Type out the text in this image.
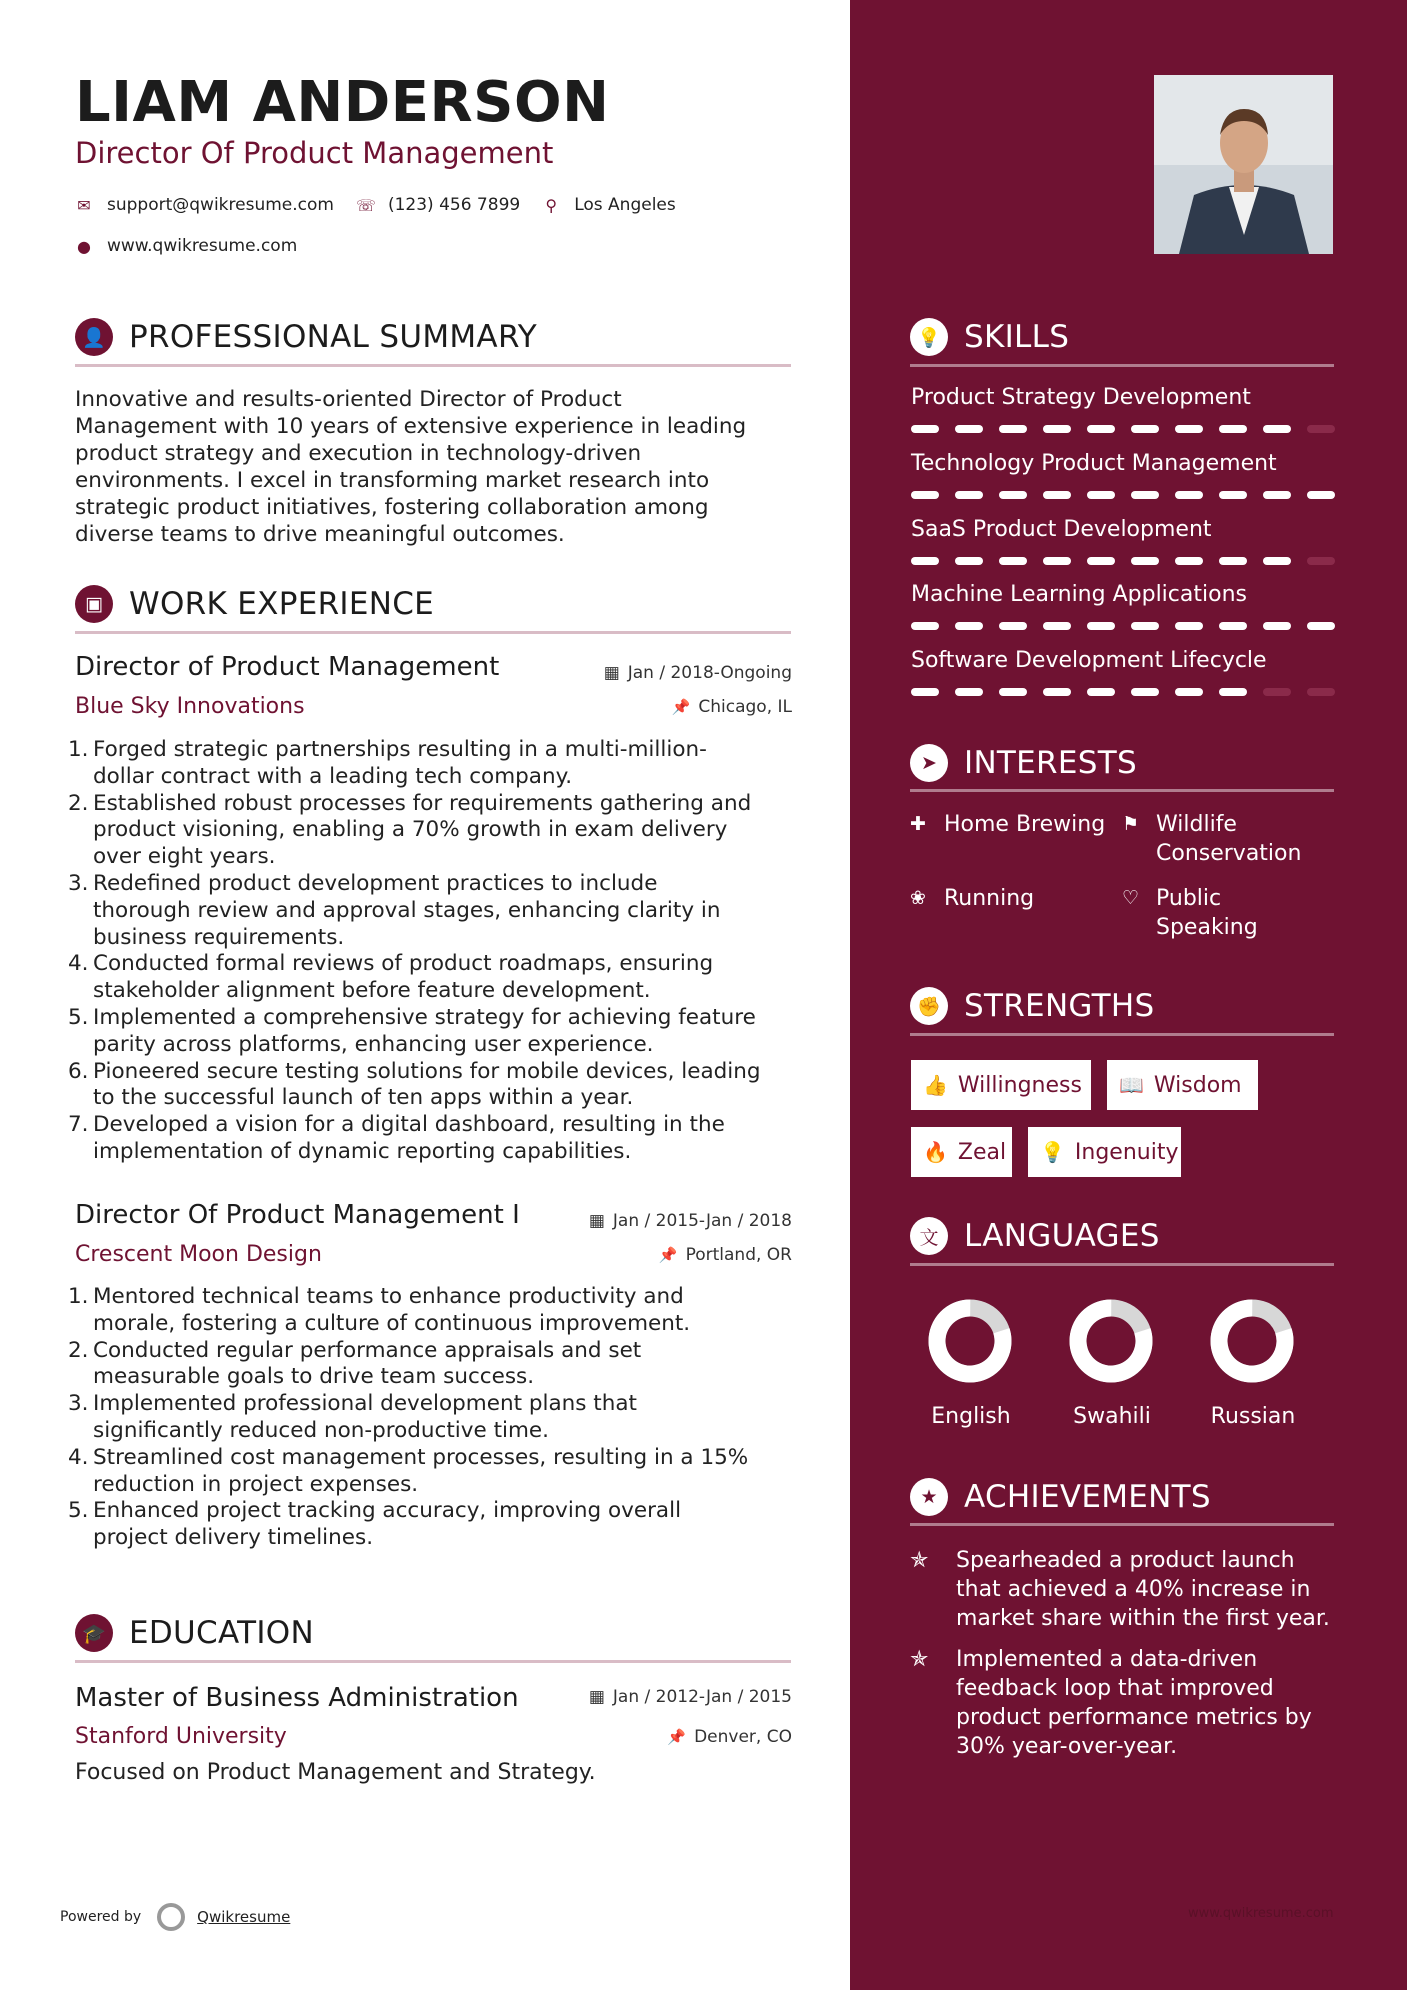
LIAM ANDERSON
Director Of Product Management
✉ support@qwikresume.com ☏ (123) 456 7899 ⚲ Los Angeles
● www.qwikresume.com
👤 PROFESSIONAL SUMMARY
Innovative and results-oriented Director of Product
Management with 10 years of extensive experience in leading
product strategy and execution in technology-driven
environments. I excel in transforming market research into
strategic product initiatives, fostering collaboration among
diverse teams to drive meaningful outcomes.
▣ WORK EXPERIENCE
Director of Product Management	▦ Jan / 2018-Ongoing
Blue Sky Innovations	📌 Chicago, IL
1. Forged strategic partnerships resulting in a multi-million-
dollar contract with a leading tech company.
2. Established robust processes for requirements gathering and
product visioning, enabling a 70% growth in exam delivery
over eight years.
3. Redefined product development practices to include
thorough review and approval stages, enhancing clarity in
business requirements.
4. Conducted formal reviews of product roadmaps, ensuring
stakeholder alignment before feature development.
5. Implemented a comprehensive strategy for achieving feature
parity across platforms, enhancing user experience.
6. Pioneered secure testing solutions for mobile devices, leading
to the successful launch of ten apps within a year.
7. Developed a vision for a digital dashboard, resulting in the
implementation of dynamic reporting capabilities.
Director Of Product Management I	▦ Jan / 2015-Jan / 2018
Crescent Moon Design	📌 Portland, OR
1. Mentored technical teams to enhance productivity and
morale, fostering a culture of continuous improvement.
2. Conducted regular performance appraisals and set
measurable goals to drive team success.
3. Implemented professional development plans that
significantly reduced non-productive time.
4. Streamlined cost management processes, resulting in a 15%
reduction in project expenses.
5. Enhanced project tracking accuracy, improving overall
project delivery timelines.
🎓 EDUCATION
Master of Business Administration	▦ Jan / 2012-Jan / 2015
Stanford University	📌 Denver, CO
Focused on Product Management and Strategy.
Powered by	Qwikresume
💡 SKILLS
Product Strategy Development
Technology Product Management
SaaS Product Development
Machine Learning Applications
Software Development Lifecycle
➤ INTERESTS
✚ Home Brewing ⚑ Wildlife
Conservation
❀ Running	♡ Public
Speaking
✊ STRENGTHS
👍 Willingness 📖 Wisdom
🔥 Zeal 💡 Ingenuity
文 LANGUAGES
English	Swahili	Russian
★ ACHIEVEMENTS
✯	Spearheaded a product launch
that achieved a 40% increase in
market share within the first year.
✯	Implemented a data-driven
feedback loop that improved
product performance metrics by
30% year-over-year.
www.qwikresume.com
